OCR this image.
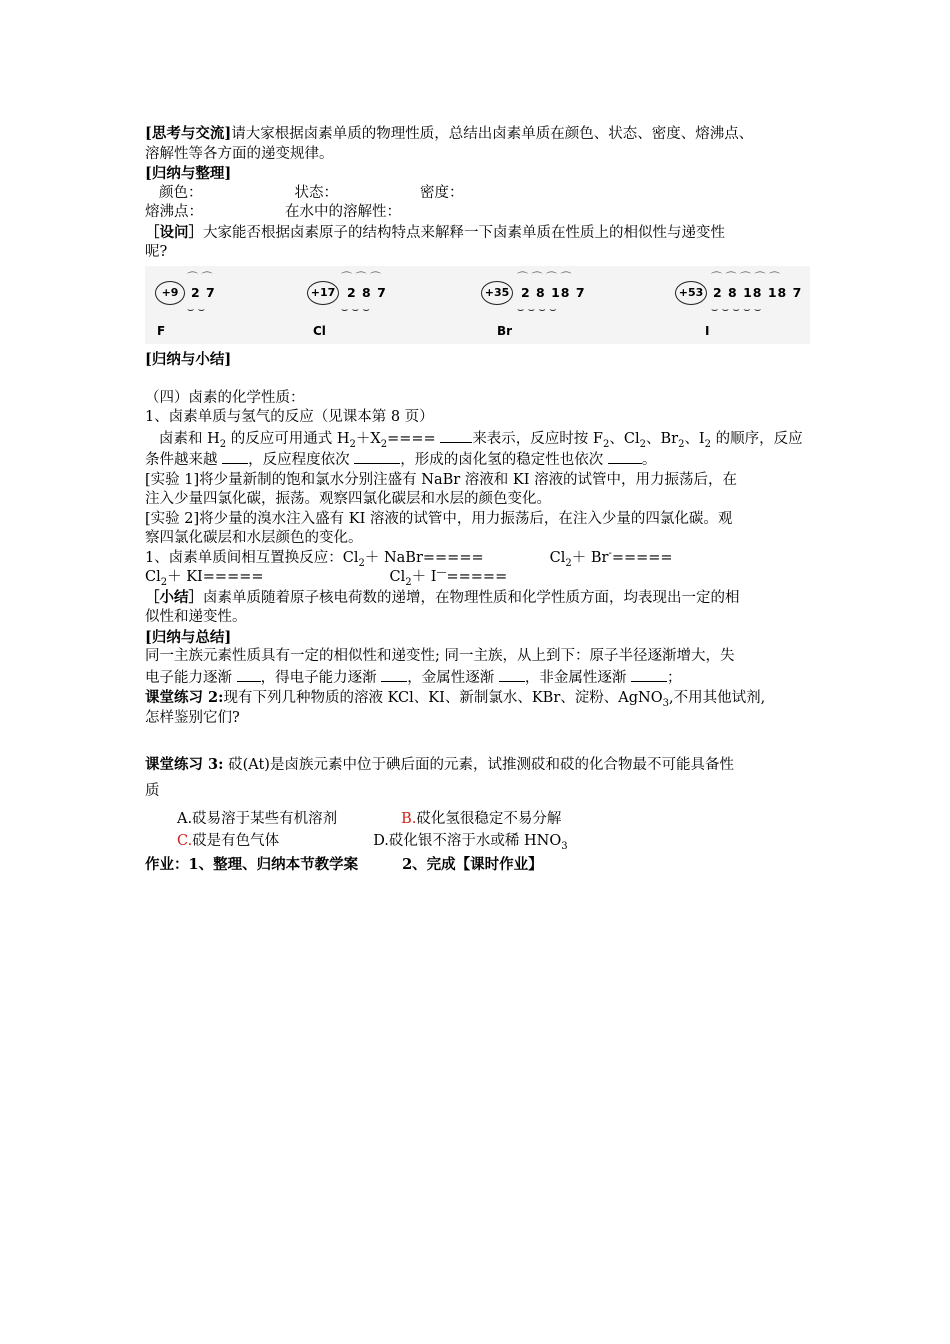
[思考与交流]请大家根据卤素单质的物理性质，总结出卤素单质在颜色、状态、密度、熔沸点、
溶解性等各方面的递变规律。
[归纳与整理]
颜色：	状态：	密度：
熔沸点：	在水中的溶解性：
［设问］大家能否根据卤素原子的结构特点来解释一下卤素单质在性质上的相似性与递变性
呢?
⌒ ⌒
+9	2 7
⌣ ⌣
F
⌒ ⌒ ⌒
+17 2 8 7
⌣ ⌣ ⌣
Cl
⌒ ⌒ ⌒ ⌒
+35 2 8 18 7
⌣ ⌣ ⌣ ⌣
Br
⌒ ⌒ ⌒ ⌒ ⌒
+53 2 8 18 18 7
⌣ ⌣ ⌣ ⌣ ⌣
I
[归纳与小结]
（四）卤素的化学性质：
1、卤素单质与氢气的反应（见课本第 8 页）
卤素和 $H_2$ 的反应可用通式 $H_2+X_2====$ 来表示，反应时按 $F_2$、$Cl_2$、$Br_2$、$I_2$ 的顺序，反应
条件越来越 ，反应程度依次	，形成的卤化氢的稳定性也依次 。
[实验 1]将少量新制的饱和氯水分别注盛有 NaBr 溶液和 KI 溶液的试管中，用力振荡后，在
注入少量四氯化碳，振荡。观察四氯化碳层和水层的颜色变化。
[实验 2]将少量的溴水注入盛有 KI 溶液的试管中，用力振荡后，在注入少量的四氯化碳。观
察四氯化碳层和水层颜色的变化。
1、卤素单质间相互置换反应：$Cl_2+$ NaBr=====	$Cl_2+ Br^-=====$
$Cl_2+ KI=====$	$Cl_2+ I^—=====$
［小结］卤素单质随着原子核电荷数的递增，在物理性质和化学性质方面，均表现出一定的相
似性和递变性。
[归纳与总结]
同一主族元素性质具有一定的相似性和递变性; 同一主族，从上到下：原子半径逐渐增大，失
电子能力逐渐 ，得电子能力逐渐 ，金属性逐渐 ，非金属性逐渐 ；
课堂练习 2:现有下列几种物质的溶液 KCl、KI、新制氯水、KBr、淀粉、AgNO$_3$,不用其他试剂,
怎样鉴别它们?
课堂练习 3: 砹(At)是卤族元素中位于碘后面的元素，试推测砹和砹的化合物最不可能具备性
质
A.砹易溶于某些有机溶剂	B.砹化氢很稳定不易分解
C.砹是有色气体	D.砹化银不溶于水或稀 $HNO_3$
作业：1、整理、归纳本节教学案	2、完成【课时作业】
